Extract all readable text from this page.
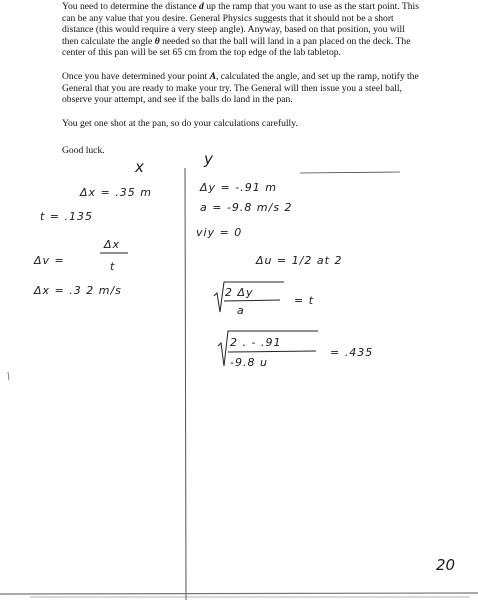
You need to determine the distance d up the ramp that you want to use as the start point. This can be any value that you desire. General Physics suggests that it should not be a short distance (this would require a very steep angle). Anyway, based on that position, you will then calculate the angle θ needed so that the ball will land in a pan placed on the deck. The center of this pan will be set 65 cm from the top edge of the lab tabletop.

Once you have determined your point A, calculated the angle, and set up the ramp, notify the General that you are ready to make your try. The General will then issue you a steel ball, observe your attempt, and see if the balls do land in the pan.

You get one shot at the pan, so do your calculations carefully.

Good luck.

x
Δx = .35 m
t = .135
Δv =
Δx
t
Δx = .3 2 m/s
y
Δy = -.91 m
a = -9.8 m/s 2
viy = 0
Δu = 1/2 at 2
2 Δy
a
= t
2 . - .91
-9.8 u
= .435
20
